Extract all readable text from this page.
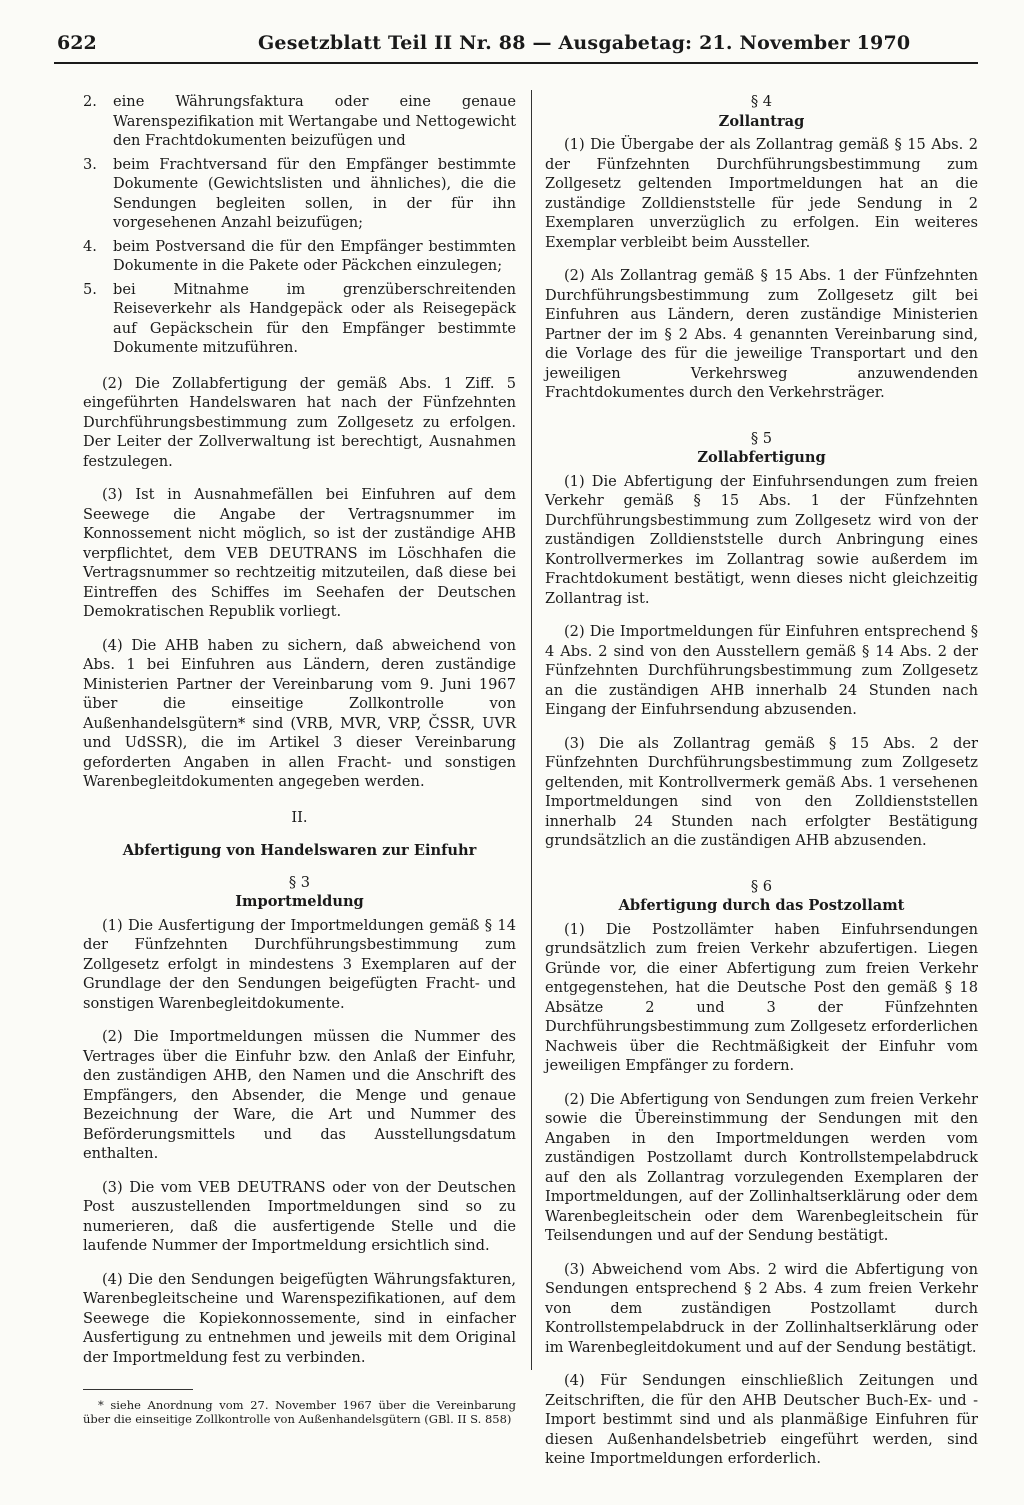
622	Gesetzblatt Teil II Nr. 88 — Ausgabetag: 21. November 1970
2. eine Währungsfaktura oder eine genaue Warenspezifikation mit Wertangabe und Nettogewicht den Frachtdokumenten beizufügen und
3. beim Frachtversand für den Empfänger bestimmte Dokumente (Gewichtslisten und ähnliches), die die Sendungen begleiten sollen, in der für ihn vorgesehenen Anzahl beizufügen;
4. beim Postversand die für den Empfänger bestimmten Dokumente in die Pakete oder Päckchen einzulegen;
5. bei Mitnahme im grenzüberschreitenden Reiseverkehr als Handgepäck oder als Reisegepäck auf Gepäckschein für den Empfänger bestimmte Dokumente mitzuführen.

(2) Die Zollabfertigung der gemäß Abs. 1 Ziff. 5 eingeführten Handelswaren hat nach der Fünfzehnten Durchführungsbestimmung zum Zollgesetz zu erfolgen. Der Leiter der Zollverwaltung ist berechtigt, Ausnahmen festzulegen.

(3) Ist in Ausnahmefällen bei Einfuhren auf dem Seewege die Angabe der Vertragsnummer im Konnossement nicht möglich, so ist der zuständige AHB verpflichtet, dem VEB DEUTRANS im Löschhafen die Vertragsnummer so rechtzeitig mitzuteilen, daß diese bei Eintreffen des Schiffes im Seehafen der Deutschen Demokratischen Republik vorliegt.

(4) Die AHB haben zu sichern, daß abweichend von Abs. 1 bei Einfuhren aus Ländern, deren zuständige Ministerien Partner der Vereinbarung vom 9. Juni 1967 über die einseitige Zollkontrolle von Außenhandelsgütern* sind (VRB, MVR, VRP, ČSSR, UVR und UdSSR), die im Artikel 3 dieser Vereinbarung geforderten Angaben in allen Fracht- und sonstigen Warenbegleitdokumenten angegeben werden.

II.
Abfertigung von Handelswaren zur Einfuhr
§ 3
Importmeldung

(1) Die Ausfertigung der Importmeldungen gemäß § 14 der Fünfzehnten Durchführungsbestimmung zum Zollgesetz erfolgt in mindestens 3 Exemplaren auf der Grundlage der den Sendungen beigefügten Fracht- und sonstigen Warenbegleitdokumente.

(2) Die Importmeldungen müssen die Nummer des Vertrages über die Einfuhr bzw. den Anlaß der Einfuhr, den zuständigen AHB, den Namen und die Anschrift des Empfängers, den Absender, die Menge und genaue Bezeichnung der Ware, die Art und Nummer des Beförderungsmittels und das Ausstellungsdatum enthalten.

(3) Die vom VEB DEUTRANS oder von der Deutschen Post auszustellenden Importmeldungen sind so zu numerieren, daß die ausfertigende Stelle und die laufende Nummer der Importmeldung ersichtlich sind.

(4) Die den Sendungen beigefügten Währungsfakturen, Warenbegleitscheine und Warenspezifikationen, auf dem Seewege die Kopiekonnossemente, sind in einfacher Ausfertigung zu entnehmen und jeweils mit dem Original der Importmeldung fest zu verbinden.

* siehe Anordnung vom 27. November 1967 über die Vereinbarung über die einseitige Zollkontrolle von Außenhandelsgütern (GBl. II S. 858)

§ 4
Zollantrag

(1) Die Übergabe der als Zollantrag gemäß § 15 Abs. 2 der Fünfzehnten Durchführungsbestimmung zum Zollgesetz geltenden Importmeldungen hat an die zuständige Zolldienststelle für jede Sendung in 2 Exemplaren unverzüglich zu erfolgen. Ein weiteres Exemplar verbleibt beim Aussteller.

(2) Als Zollantrag gemäß § 15 Abs. 1 der Fünfzehnten Durchführungsbestimmung zum Zollgesetz gilt bei Einfuhren aus Ländern, deren zuständige Ministerien Partner der im § 2 Abs. 4 genannten Vereinbarung sind, die Vorlage des für die jeweilige Transportart und den jeweiligen Verkehrsweg anzuwendenden Frachtdokumentes durch den Verkehrsträger.

§ 5
Zollabfertigung

(1) Die Abfertigung der Einfuhrsendungen zum freien Verkehr gemäß § 15 Abs. 1 der Fünfzehnten Durchführungsbestimmung zum Zollgesetz wird von der zuständigen Zolldienststelle durch Anbringung eines Kontrollvermerkes im Zollantrag sowie außerdem im Frachtdokument bestätigt, wenn dieses nicht gleichzeitig Zollantrag ist.

(2) Die Importmeldungen für Einfuhren entsprechend § 4 Abs. 2 sind von den Ausstellern gemäß § 14 Abs. 2 der Fünfzehnten Durchführungsbestimmung zum Zollgesetz an die zuständigen AHB innerhalb 24 Stunden nach Eingang der Einfuhrsendung abzusenden.

(3) Die als Zollantrag gemäß § 15 Abs. 2 der Fünfzehnten Durchführungsbestimmung zum Zollgesetz geltenden, mit Kontrollvermerk gemäß Abs. 1 versehenen Importmeldungen sind von den Zolldienststellen innerhalb 24 Stunden nach erfolgter Bestätigung grundsätzlich an die zuständigen AHB abzusenden.

§ 6
Abfertigung durch das Postzollamt

(1) Die Postzollämter haben Einfuhrsendungen grundsätzlich zum freien Verkehr abzufertigen. Liegen Gründe vor, die einer Abfertigung zum freien Verkehr entgegenstehen, hat die Deutsche Post den gemäß § 18 Absätze 2 und 3 der Fünfzehnten Durchführungsbestimmung zum Zollgesetz erforderlichen Nachweis über die Rechtmäßigkeit der Einfuhr vom jeweiligen Empfänger zu fordern.

(2) Die Abfertigung von Sendungen zum freien Verkehr sowie die Übereinstimmung der Sendungen mit den Angaben in den Importmeldungen werden vom zuständigen Postzollamt durch Kontrollstempelabdruck auf den als Zollantrag vorzulegenden Exemplaren der Importmeldungen, auf der Zollinhaltserklärung oder dem Warenbegleitschein oder dem Warenbegleitschein für Teilsendungen und auf der Sendung bestätigt.

(3) Abweichend vom Abs. 2 wird die Abfertigung von Sendungen entsprechend § 2 Abs. 4 zum freien Verkehr von dem zuständigen Postzollamt durch Kontrollstempelabdruck in der Zollinhaltserklärung oder im Warenbegleitdokument und auf der Sendung bestätigt.

(4) Für Sendungen einschließlich Zeitungen und Zeitschriften, die für den AHB Deutscher Buch-Ex- und -Import bestimmt sind und als planmäßige Einfuhren für diesen Außenhandelsbetrieb eingeführt werden, sind keine Importmeldungen erforderlich.
